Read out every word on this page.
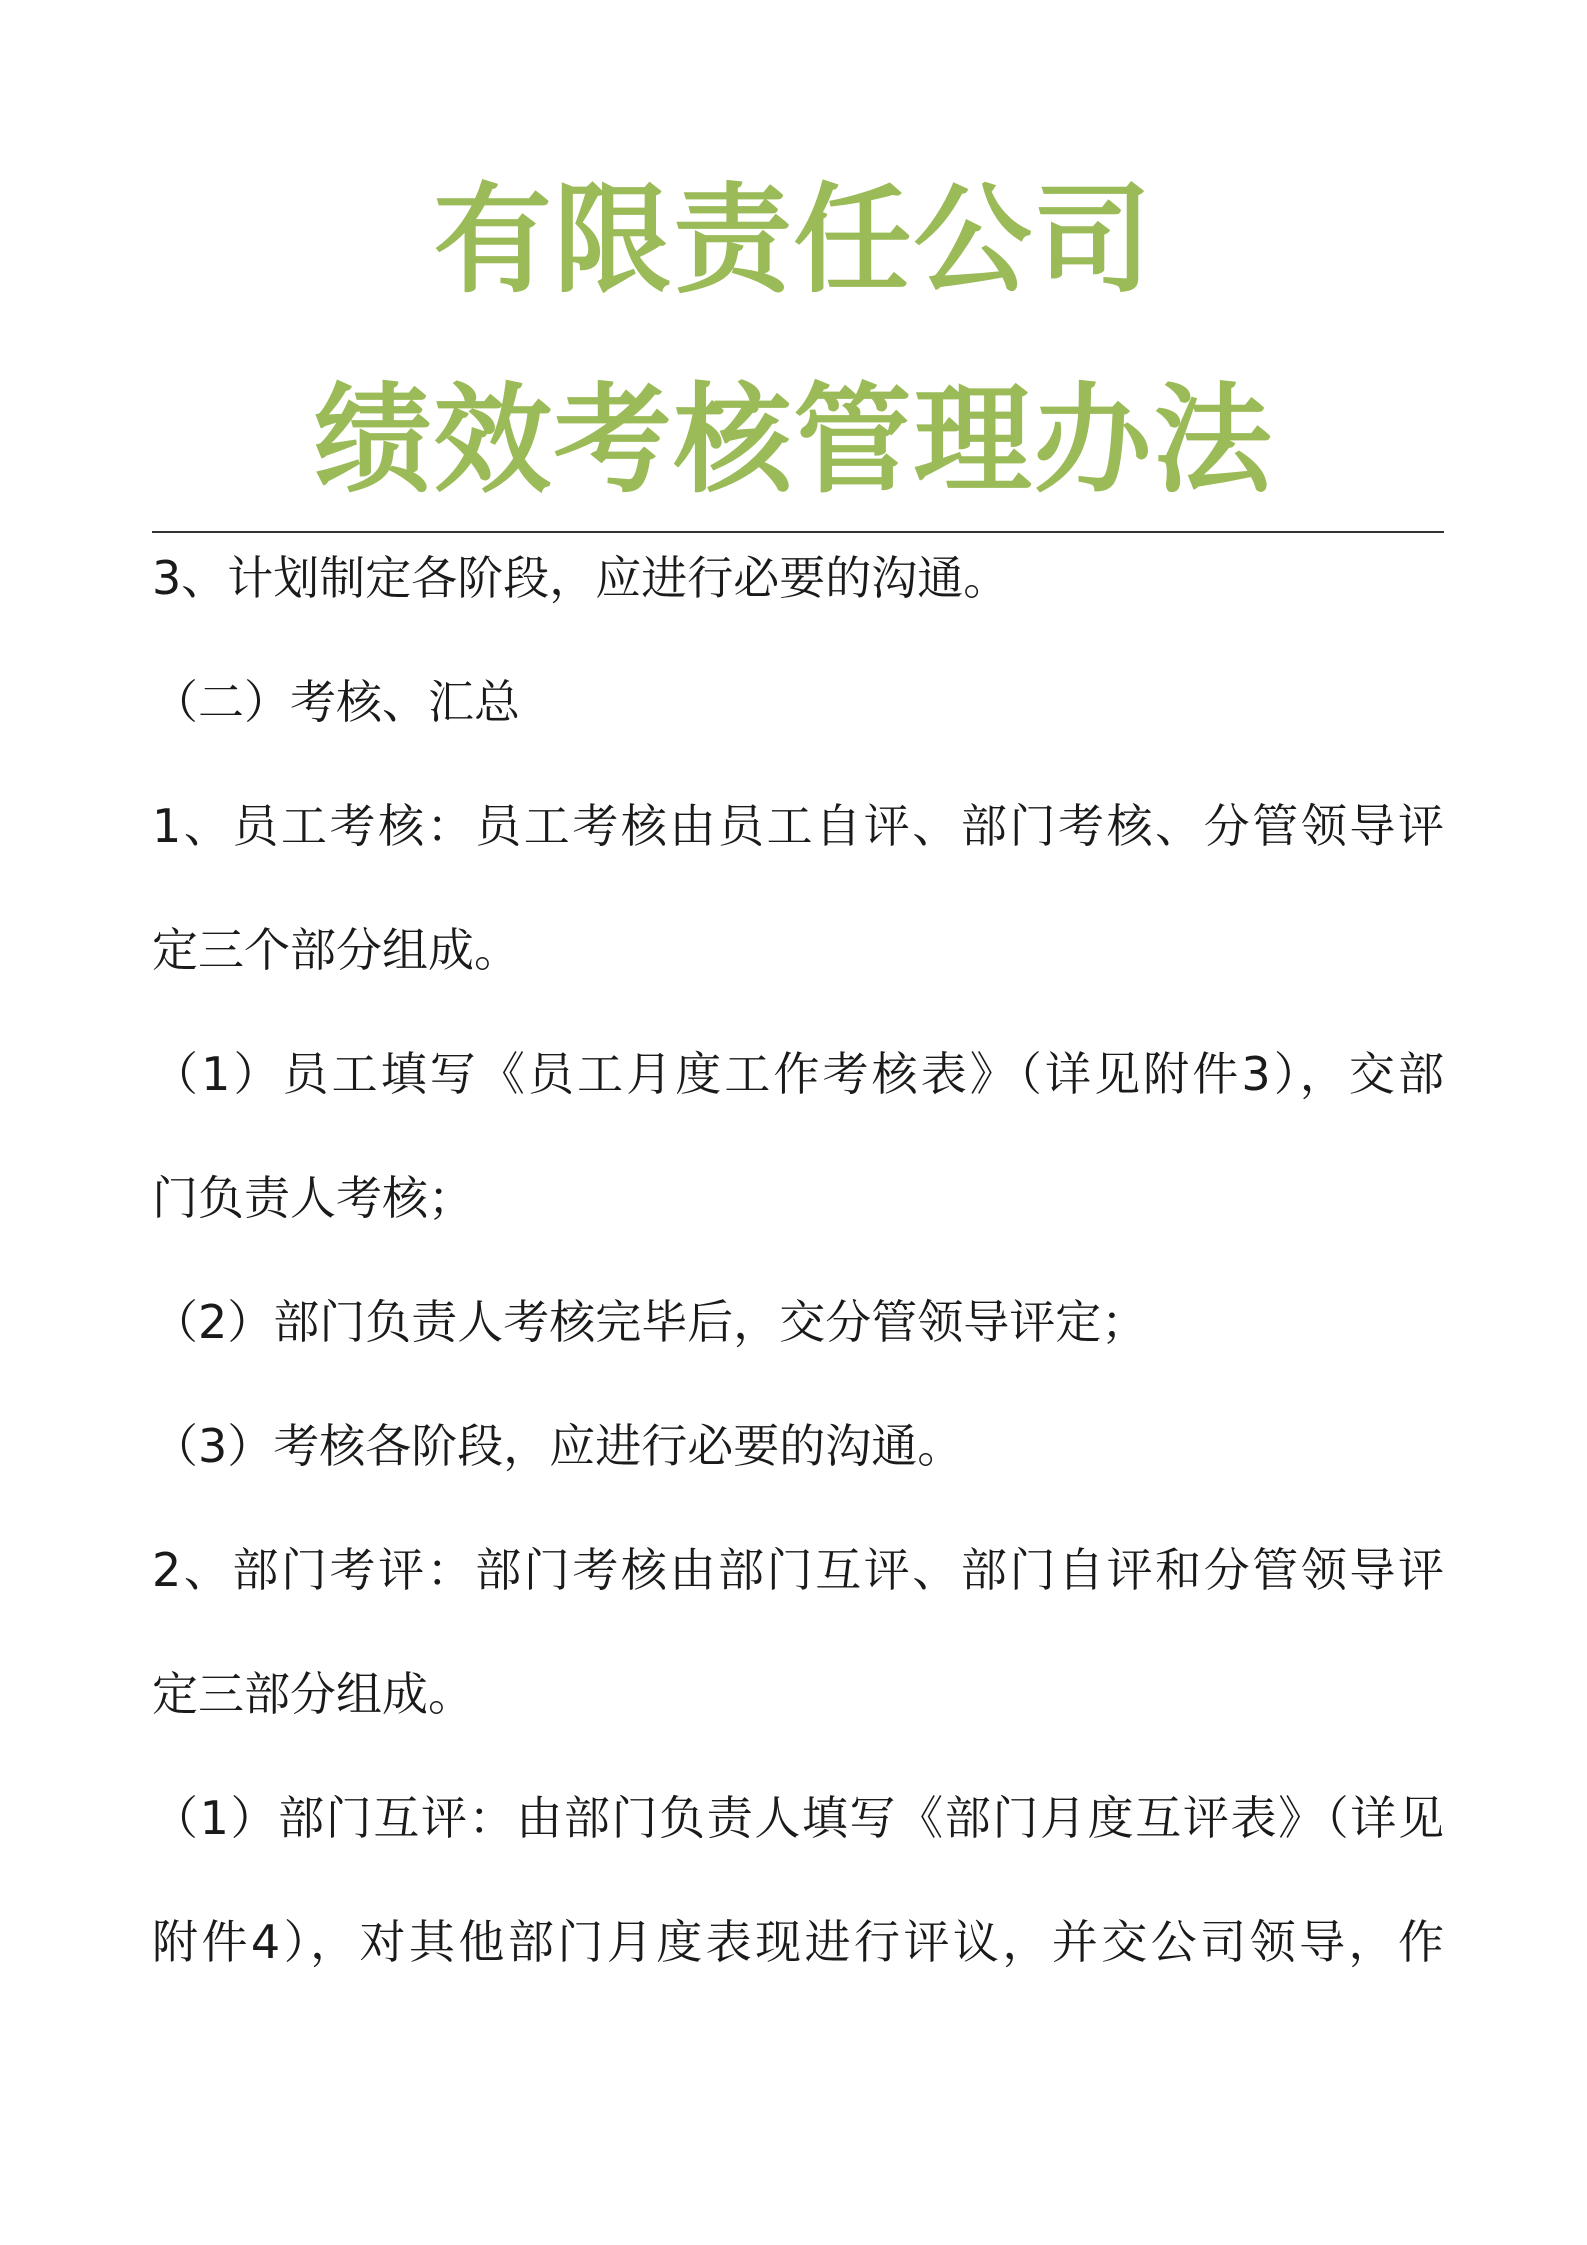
有限责任公司
绩效考核管理办法
3、计划制定各阶段，应进行必要的沟通。
（二）考核、汇总
1、员工考核：员工考核由员工自评、部门考核、分管领导评
定三个部分组成。
（1）员工填写《员工月度工作考核表》（详见附件3），交部
门负责人考核；
（2）部门负责人考核完毕后，交分管领导评定；
（3）考核各阶段，应进行必要的沟通。
2、部门考评：部门考核由部门互评、部门自评和分管领导评
定三部分组成。
（1）部门互评：由部门负责人填写《部门月度互评表》（详见
附件4），对其他部门月度表现进行评议，并交公司领导，作
